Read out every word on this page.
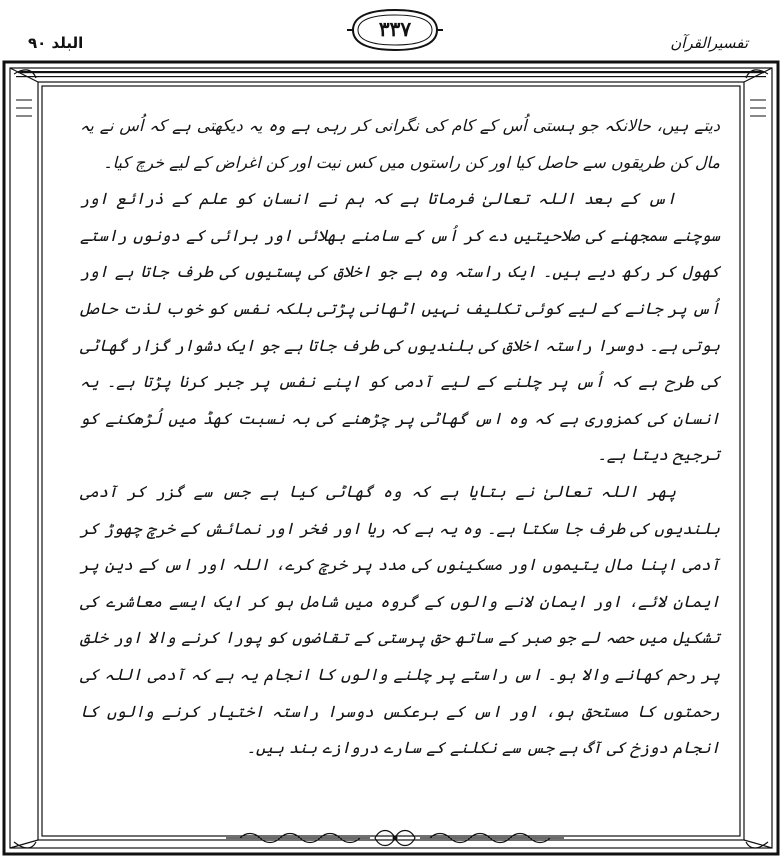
البلد ۹۰
۳۳۷
تفسیرالقرآن

دیتے ہیں، حالانکہ جو ہستی اُس کے کام کی نگرانی کر رہی ہے وہ یہ دیکھتی ہے کہ اُس نے یہ مال کن طریقوں سے حاصل کیا اور کن راستوں میں کس نیت اور کن اغراض کے لیے خرچ کیا۔

اس کے بعد اللہ تعالیٰ فرماتا ہے کہ ہم نے انسان کو علم کے ذرائع اور سوچنے سمجھنے کی صلاحیتیں دے کر اُس کے سامنے بھلائی اور برائی کے دونوں راستے کھول کر رکھ دیے ہیں۔ ایک راستہ وہ ہے جو اخلاق کی پستیوں کی طرف جاتا ہے اور اُس پر جانے کے لیے کوئی تکلیف نہیں اٹھانی پڑتی بلکہ نفس کو خوب لذت حاصل ہوتی ہے۔ دوسرا راستہ اخلاق کی بلندیوں کی طرف جاتا ہے جو ایک دشوار گزار گھاٹی کی طرح ہے کہ اُس پر چلنے کے لیے آدمی کو اپنے نفس پر جبر کرنا پڑتا ہے۔ یہ انسان کی کمزوری ہے کہ وہ اس گھاٹی پر چڑھنے کی بہ نسبت کھڈ میں لُڑھکنے کو ترجیح دیتا ہے۔

پھر اللہ تعالیٰ نے بتایا ہے کہ وہ گھاٹی کیا ہے جس سے گزر کر آدمی بلندیوں کی طرف جا سکتا ہے۔ وہ یہ ہے کہ ریا اور فخر اور نمائش کے خرچ چھوڑ کر آدمی اپنا مال یتیموں اور مسکینوں کی مدد پر خرچ کرے، اللہ اور اس کے دین پر ایمان لائے، اور ایمان لانے والوں کے گروہ میں شامل ہو کر ایک ایسے معاشرے کی تشکیل میں حصہ لے جو صبر کے ساتھ حق پرستی کے تقاضوں کو پورا کرنے والا اور خلق پر رحم کھانے والا ہو۔ اس راستے پر چلنے والوں کا انجام یہ ہے کہ آدمی اللہ کی رحمتوں کا مستحق ہو، اور اس کے برعکس دوسرا راستہ اختیار کرنے والوں کا انجام دوزخ کی آگ ہے جس سے نکلنے کے سارے دروازے بند ہیں۔
